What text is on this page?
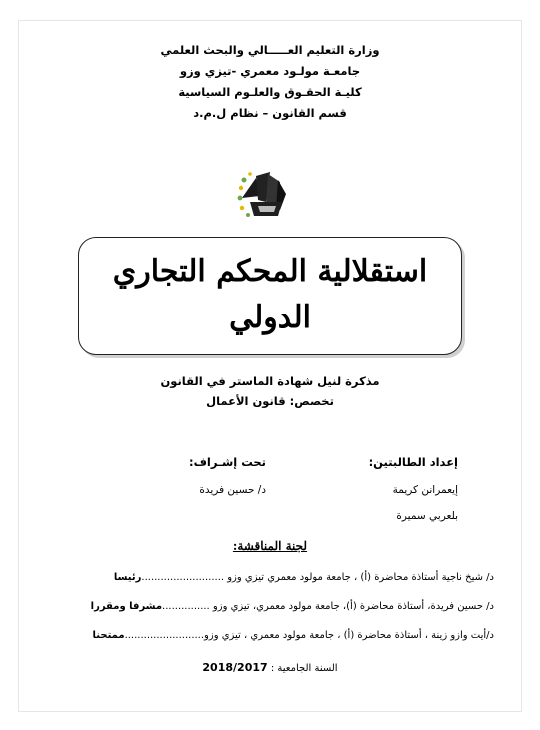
وزارة التعليم العـــــالي والبحث العلمي
جامعـة مولـود معمري -تيزي وزو
كليـة الحقـوق والعلـوم السياسية
قسم القانون – نظام ل.م.د
استقلالية المحكم التجاري
الدولي
مذكرة لنيل شهادة الماستر في القانون
تخصص: قانون الأعمال
إعداد الطالبتين:
إيعمرانن كريمة
بلعربي سميرة
تحت إشـراف:
د/ حسين فريدة
لجنة المناقشة:
د/ شيخ ناجية أستاذة محاضرة (أ) ، جامعة مولود معمري تيزي وزو ..........................رئيسا
د/ حسين فريدة، أستاذة محاضرة (أ)، جامعة مولود معمري، تيزي وزو ...............مشرفا ومقررا
د/أيت وازو زينة ، أستاذة محاضرة (أ) ، جامعة مولود معمري ، تيزي وزو.........................ممتحنا
السنة الجامعية : 2018/2017
